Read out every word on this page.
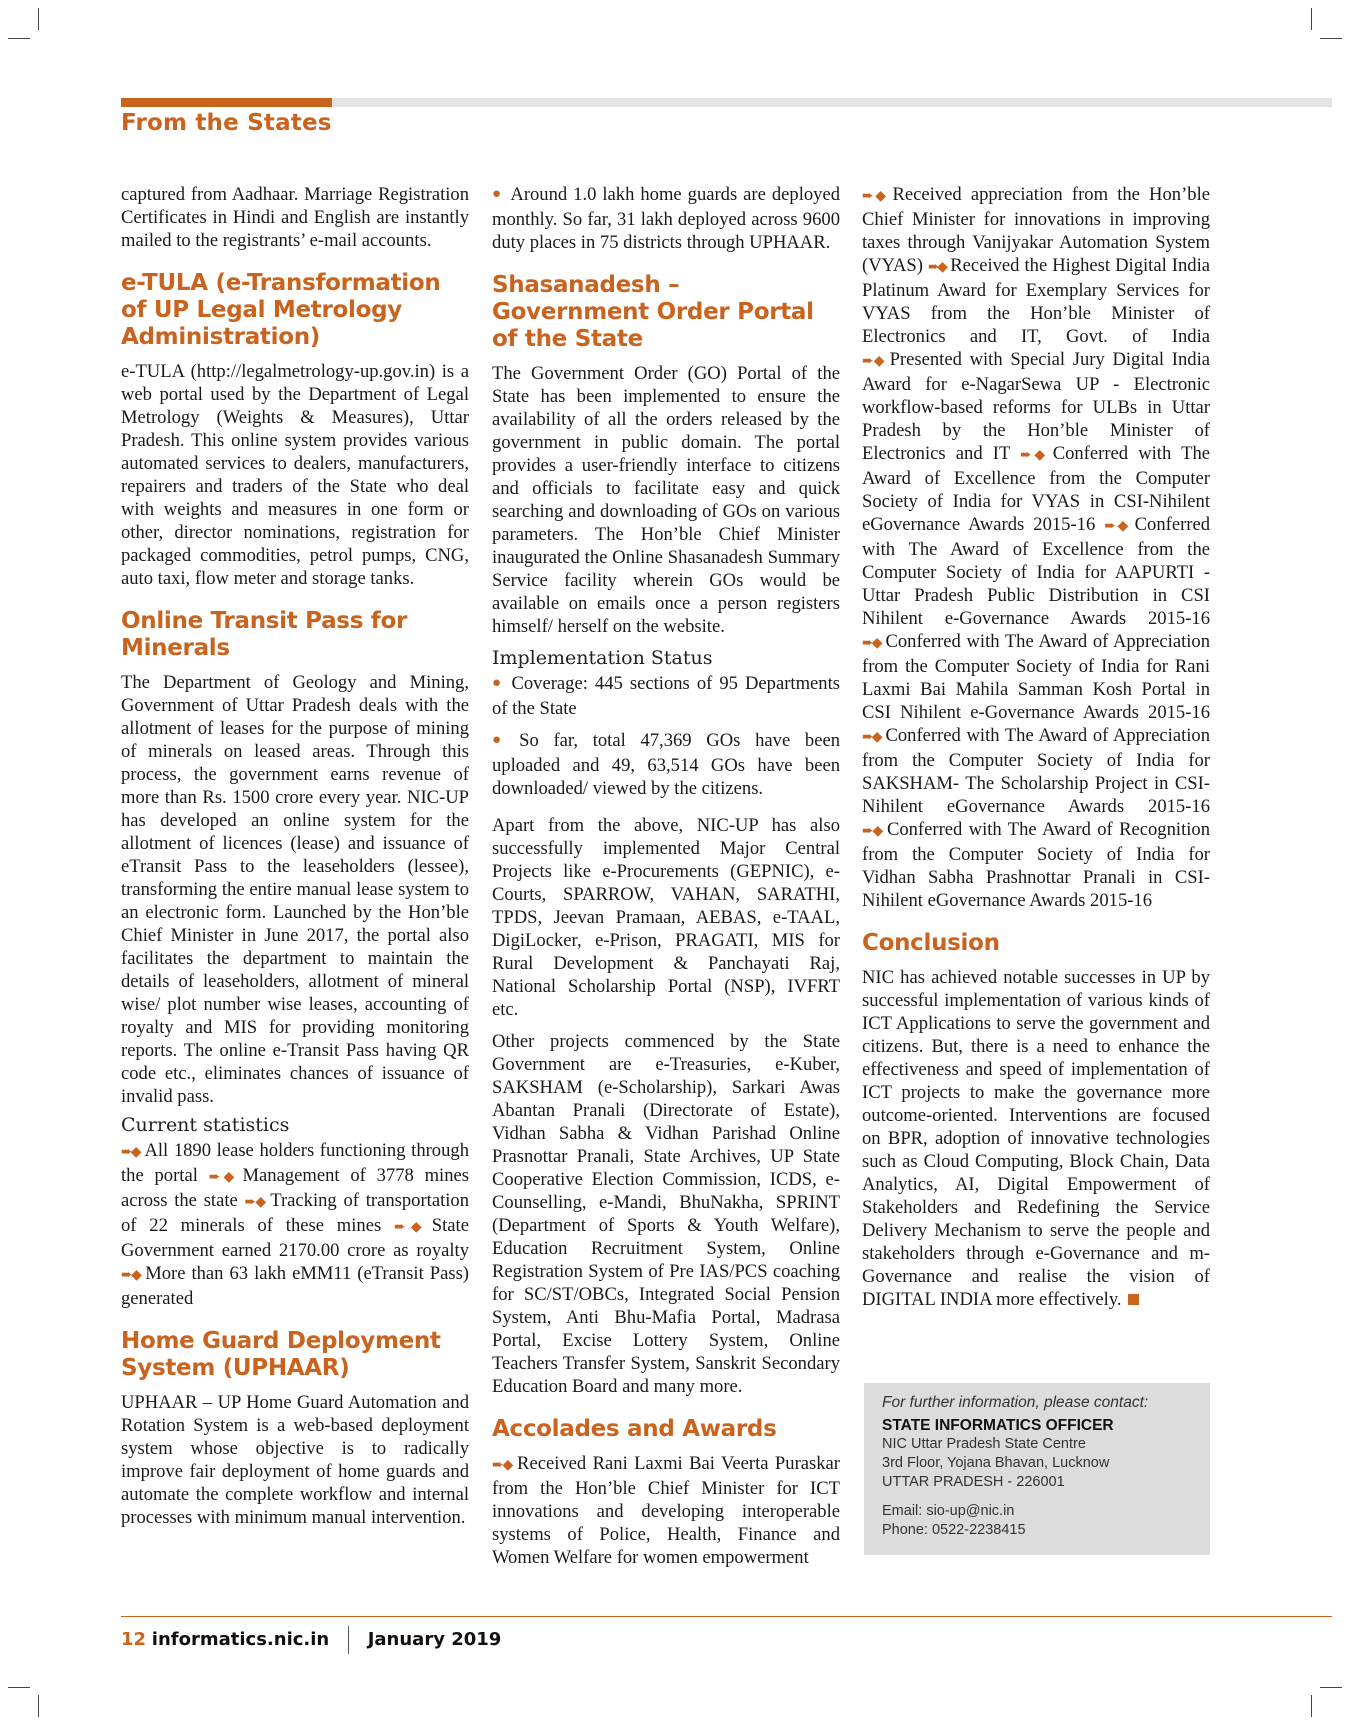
From the States

captured from Aadhaar. Marriage Registration Certificates in Hindi and English are instantly mailed to the registrants’ e-mail accounts.

e-TULA (e-Transformation of UP Legal Metrology Administration)

e-TULA (http://legalmetrology-up.gov.in) is a web portal used by the Department of Legal Metrology (Weights & Measures), Uttar Pradesh. This online system provides various automated services to dealers, manufacturers, repairers and traders of the State who deal with weights and measures in one form or other, director nominations, registration for packaged commodities, petrol pumps, CNG, auto taxi, flow meter and storage tanks.

Online Transit Pass for Minerals

The Department of Geology and Mining, Government of Uttar Pradesh deals with the allotment of leases for the purpose of mining of minerals on leased areas. Through this process, the government earns revenue of more than Rs. 1500 crore every year. NIC-UP has developed an online system for the allotment of licences (lease) and issuance of eTransit Pass to the leaseholders (lessee), transforming the entire manual lease system to an electronic form. Launched by the Hon’ble Chief Minister in June 2017, the portal also facilitates the department to maintain the details of leaseholders, allotment of mineral wise/ plot number wise leases, accounting of royalty and MIS for providing monitoring reports. The online e-Transit Pass having QR code etc., eliminates chances of issuance of invalid pass.

Current statistics

➨◆ All 1890 lease holders functioning through the portal ➨◆ Management of 3778 mines across the state ➨◆ Tracking of transportation of 22 minerals of these mines ➨◆ State Government earned 2170.00 crore as royalty ➨◆ More than 63 lakh eMM11 (eTransit Pass) generated

Home Guard Deployment System (UPHAAR)

UPHAAR – UP Home Guard Automation and Rotation System is a web-based deployment system whose objective is to radically improve fair deployment of home guards and automate the complete workflow and internal processes with minimum manual intervention.

● Around 1.0 lakh home guards are deployed monthly. So far, 31 lakh deployed across 9600 duty places in 75 districts through UPHAAR.

Shasanadesh – Government Order Portal of the State

The Government Order (GO) Portal of the State has been implemented to ensure the availability of all the orders released by the government in public domain. The portal provides a user-friendly interface to citizens and officials to facilitate easy and quick searching and downloading of GOs on various parameters. The Hon’ble Chief Minister inaugurated the Online Shasanadesh Summary Service facility wherein GOs would be available on emails once a person registers himself/ herself on the website.

Implementation Status

● Coverage: 445 sections of 95 Departments of the State

● So far, total 47,369 GOs have been uploaded and 49, 63,514 GOs have been downloaded/ viewed by the citizens.

Apart from the above, NIC-UP has also successfully implemented Major Central Projects like e-Procurements (GEPNIC), e-Courts, SPARROW, VAHAN, SARATHI, TPDS, Jeevan Pramaan, AEBAS, e-TAAL, DigiLocker, e-Prison, PRAGATI, MIS for Rural Development & Panchayati Raj, National Scholarship Portal (NSP), IVFRT etc.

Other projects commenced by the State Government are e-Treasuries, e-Kuber, SAKSHAM (e-Scholarship), Sarkari Awas Abantan Pranali (Directorate of Estate), Vidhan Sabha & Vidhan Parishad Online Prasnottar Pranali, State Archives, UP State Cooperative Election Commission, ICDS, e-Counselling, e-Mandi, BhuNakha, SPRINT (Department of Sports & Youth Welfare), Education Recruitment System, Online Registration System of Pre IAS/PCS coaching for SC/ST/OBCs, Integrated Social Pension System, Anti Bhu-Mafia Portal, Madrasa Portal, Excise Lottery System, Online Teachers Transfer System, Sanskrit Secondary Education Board and many more.

Accolades and Awards

➨◆ Received Rani Laxmi Bai Veerta Puraskar from the Hon’ble Chief Minister for ICT innovations and developing interoperable systems of Police, Health, Finance and Women Welfare for women empowerment

➨◆ Received appreciation from the Hon’ble Chief Minister for innovations in improving taxes through Vanijyakar Automation System (VYAS) ➨◆ Received the Highest Digital India Platinum Award for Exemplary Services for VYAS from the Hon’ble Minister of Electronics and IT, Govt. of India ➨◆ Presented with Special Jury Digital India Award for e-NagarSewa UP - Electronic workflow-based reforms for ULBs in Uttar Pradesh by the Hon’ble Minister of Electronics and IT ➨◆ Conferred with The Award of Excellence from the Computer Society of India for VYAS in CSI-Nihilent eGovernance Awards 2015-16 ➨◆ Conferred with The Award of Excellence from the Computer Society of India for AAPURTI - Uttar Pradesh Public Distribution in CSI Nihilent e-Governance Awards 2015-16 ➨◆ Conferred with The Award of Appreciation from the Computer Society of India for Rani Laxmi Bai Mahila Samman Kosh Portal in CSI Nihilent e-Governance Awards 2015-16 ➨◆ Conferred with The Award of Appreciation from the Computer Society of India for SAKSHAM- The Scholarship Project in CSI-Nihilent eGovernance Awards 2015-16 ➨◆ Conferred with The Award of Recognition from the Computer Society of India for Vidhan Sabha Prashnottar Pranali in CSI-Nihilent eGovernance Awards 2015-16

Conclusion

NIC has achieved notable successes in UP by successful implementation of various kinds of ICT Applications to serve the government and citizens. But, there is a need to enhance the effectiveness and speed of implementation of ICT projects to make the governance more outcome-oriented. Interventions are focused on BPR, adoption of innovative technologies such as Cloud Computing, Block Chain, Data Analytics, AI, Digital Empowerment of Stakeholders and Redefining the Service Delivery Mechanism to serve the people and stakeholders through e-Governance and m-Governance and realise the vision of DIGITAL INDIA more effectively.

For further information, please contact:
STATE INFORMATICS OFFICER
NIC Uttar Pradesh State Centre
3rd Floor, Yojana Bhavan, Lucknow
UTTAR PRADESH - 226001
Email: sio-up@nic.in
Phone: 0522-2238415
12 informatics.nic.in January 2019
